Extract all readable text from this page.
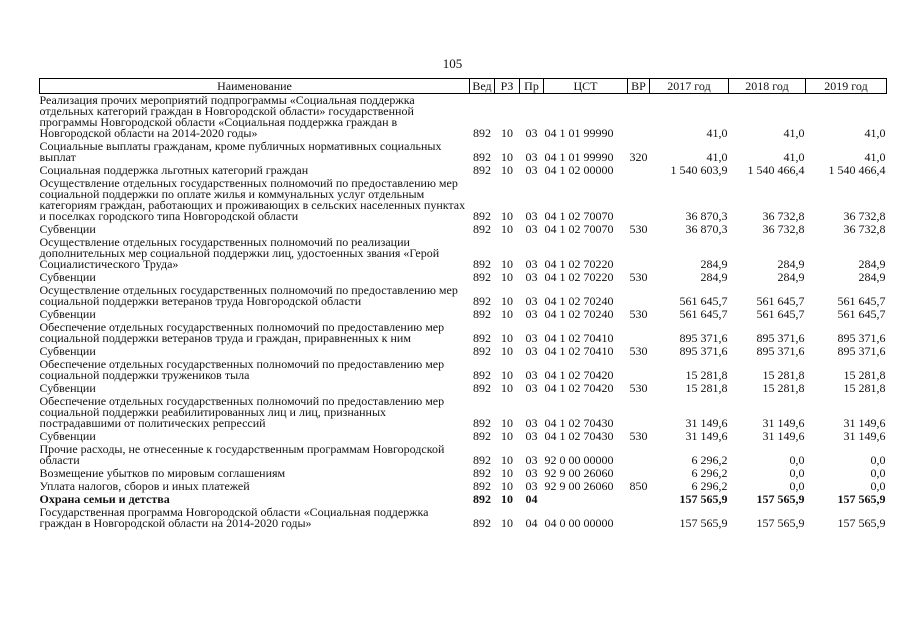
105
Наименование	Вед	РЗ	Пр	ЦСТ	ВР	2017 год	2018 год	2019 год
Реализация прочих мероприятий подпрограммы «Социальная поддержка отдельных категорий граждан в Новгородской области» государственной программы Новгородской области «Социальная поддержка граждан в Новгородской области на 2014-2020 годы»	892	10	03	04 1 01 99990		41,0	41,0	41,0
Социальные выплаты гражданам, кроме публичных нормативных социальных выплат	892	10	03	04 1 01 99990	320	41,0	41,0	41,0
Социальная поддержка льготных категорий граждан	892	10	03	04 1 02 00000		1 540 603,9	1 540 466,4	1 540 466,4
Осуществление отдельных государственных полномочий по предоставлению мер социальной поддержки по оплате жилья и коммунальных услуг отдельным категориям граждан, работающих и проживающих в сельских населенных пунктах и поселках городского типа Новгородской области	892	10	03	04 1 02 70070		36 870,3	36 732,8	36 732,8
Субвенции	892	10	03	04 1 02 70070	530	36 870,3	36 732,8	36 732,8
Осуществление отдельных государственных полномочий по реализации дополнительных мер социальной поддержки лиц, удостоенных звания «Герой Социалистического Труда»	892	10	03	04 1 02 70220		284,9	284,9	284,9
Субвенции	892	10	03	04 1 02 70220	530	284,9	284,9	284,9
Осуществление отдельных государственных полномочий по предоставлению мер социальной поддержки ветеранов труда Новгородской области	892	10	03	04 1 02 70240		561 645,7	561 645,7	561 645,7
Субвенции	892	10	03	04 1 02 70240	530	561 645,7	561 645,7	561 645,7
Обеспечение отдельных государственных полномочий по предоставлению мер социальной поддержки ветеранов труда и граждан, приравненных к ним	892	10	03	04 1 02 70410		895 371,6	895 371,6	895 371,6
Субвенции	892	10	03	04 1 02 70410	530	895 371,6	895 371,6	895 371,6
Обеспечение отдельных государственных полномочий по предоставлению мер социальной поддержки тружеников тыла	892	10	03	04 1 02 70420		15 281,8	15 281,8	15 281,8
Субвенции	892	10	03	04 1 02 70420	530	15 281,8	15 281,8	15 281,8
Обеспечение отдельных государственных полномочий по предоставлению мер социальной поддержки реабилитированных лиц и лиц, признанных пострадавшими от политических репрессий	892	10	03	04 1 02 70430		31 149,6	31 149,6	31 149,6
Субвенции	892	10	03	04 1 02 70430	530	31 149,6	31 149,6	31 149,6
Прочие расходы, не отнесенные к государственным программам Новгородской области	892	10	03	92 0 00 00000		6 296,2	0,0	0,0
Возмещение убытков по мировым соглашениям	892	10	03	92 9 00 26060		6 296,2	0,0	0,0
Уплата налогов, сборов и иных платежей	892	10	03	92 9 00 26060	850	6 296,2	0,0	0,0
Охрана семьи и детства	892	10	04			157 565,9	157 565,9	157 565,9
Государственная программа Новгородской области «Социальная поддержка граждан в Новгородской области на 2014-2020 годы»	892	10	04	04 0 00 00000		157 565,9	157 565,9	157 565,9
